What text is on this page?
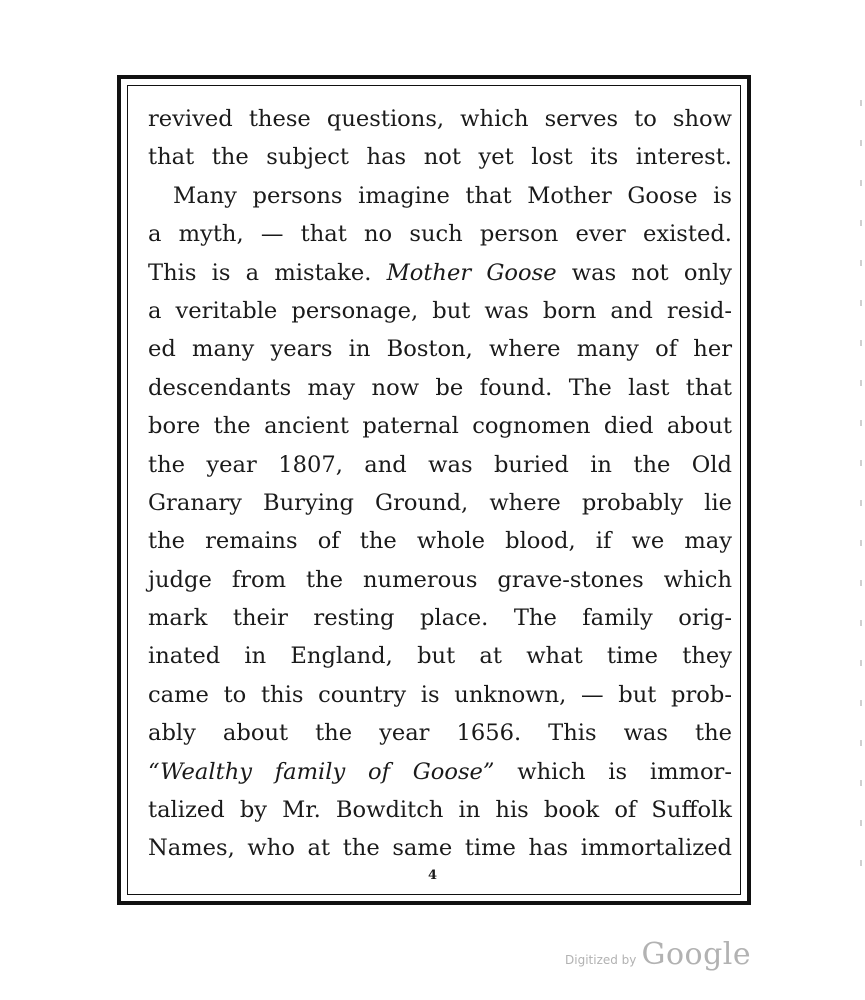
revived these questions, which serves to show
that the subject has not yet lost its interest.
Many persons imagine that Mother Goose is
a myth, — that no such person ever existed.
This is a mistake. Mother Goose was not only
a veritable personage, but was born and resid-
ed many years in Boston, where many of her
descendants may now be found. The last that
bore the ancient paternal cognomen died about
the year 1807, and was buried in the Old
Granary Burying Ground, where probably lie
the remains of the whole blood, if we may
judge from the numerous grave-stones which
mark their resting place. The family orig-
inated in England, but at what time they
came to this country is unknown, — but prob-
ably about the year 1656. This was the
“Wealthy family of Goose” which is immor-
talized by Mr. Bowditch in his book of Suffolk
Names, who at the same time has immortalized
4
Digitized by Google
